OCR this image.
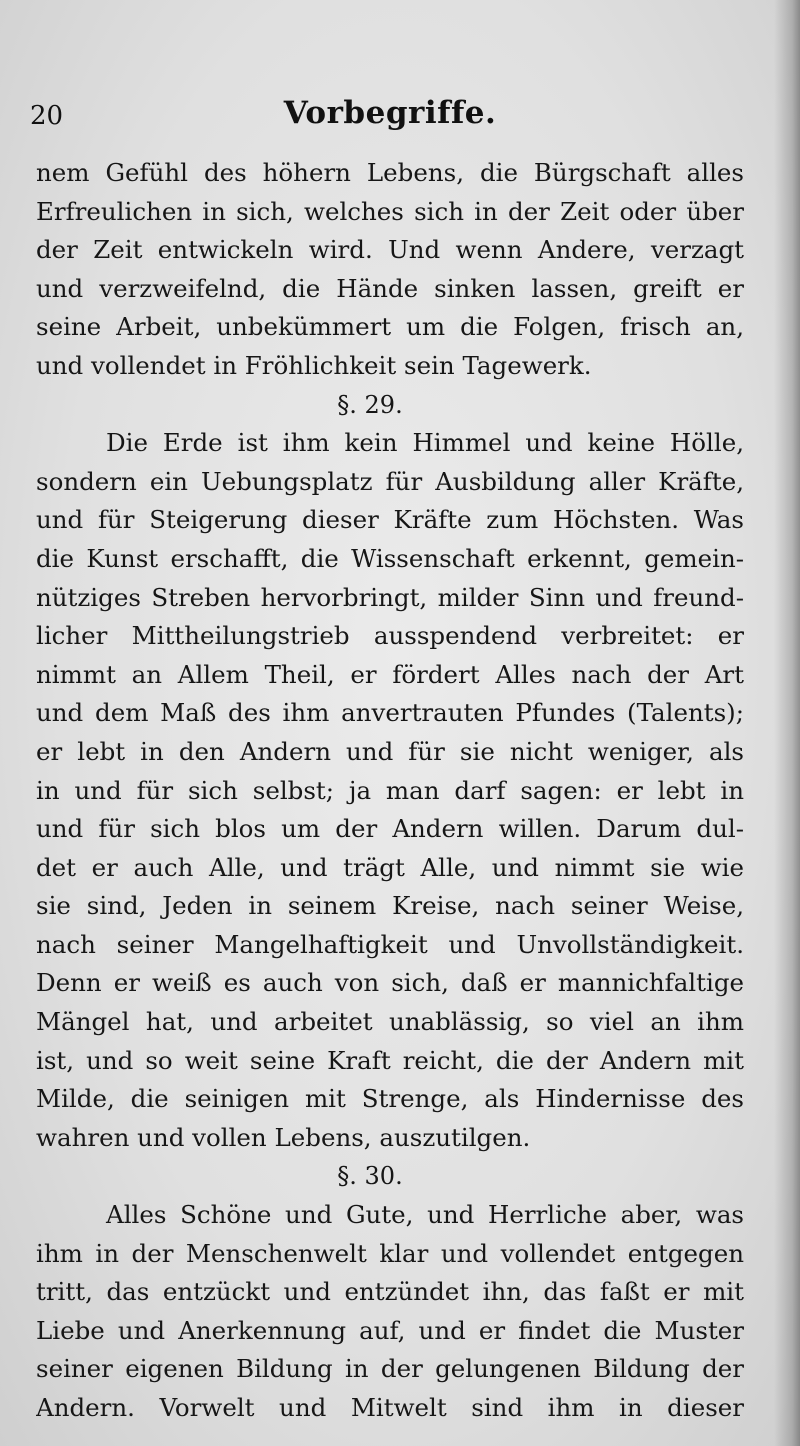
20	Vorbegriffe.
nem Gefühl des höhern Lebens, die Bürgschaft alles
Erfreulichen in sich, welches sich in der Zeit oder über
der Zeit entwickeln wird. Und wenn Andere, verzagt
und verzweifelnd, die Hände sinken lassen, greift er
seine Arbeit, unbekümmert um die Folgen, frisch an,
und vollendet in Fröhlichkeit sein Tagewerk.
§. 29.
Die Erde ist ihm kein Himmel und keine Hölle,
sondern ein Uebungsplatz für Ausbildung aller Kräfte,
und für Steigerung dieser Kräfte zum Höchsten. Was
die Kunst erschafft, die Wissenschaft erkennt, gemein-
nütziges Streben hervorbringt, milder Sinn und freund-
licher Mittheilungstrieb ausspendend verbreitet: er
nimmt an Allem Theil, er fördert Alles nach der Art
und dem Maß des ihm anvertrauten Pfundes (Talents);
er lebt in den Andern und für sie nicht weniger, als
in und für sich selbst; ja man darf sagen: er lebt in
und für sich blos um der Andern willen. Darum dul-
det er auch Alle, und trägt Alle, und nimmt sie wie
sie sind, Jeden in seinem Kreise, nach seiner Weise,
nach seiner Mangelhaftigkeit und Unvollständigkeit.
Denn er weiß es auch von sich, daß er mannichfaltige
Mängel hat, und arbeitet unablässig, so viel an ihm
ist, und so weit seine Kraft reicht, die der Andern mit
Milde, die seinigen mit Strenge, als Hindernisse des
wahren und vollen Lebens, auszutilgen.
§. 30.
Alles Schöne und Gute, und Herrliche aber, was
ihm in der Menschenwelt klar und vollendet entgegen
tritt, das entzückt und entzündet ihn, das faßt er mit
Liebe und Anerkennung auf, und er findet die Muster
seiner eigenen Bildung in der gelungenen Bildung der
Andern. Vorwelt und Mitwelt sind ihm in dieser
